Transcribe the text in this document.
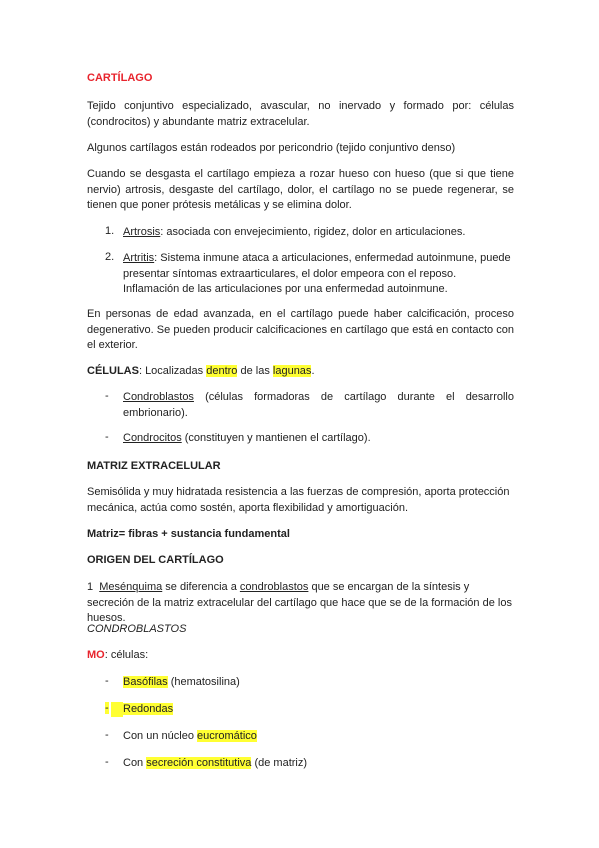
CARTÍLAGO

Tejido conjuntivo especializado, avascular, no inervado y formado por: células (condrocitos) y abundante matriz extracelular.

Algunos cartílagos están rodeados por pericondrio (tejido conjuntivo denso)

Cuando se desgasta el cartílago empieza a rozar hueso con hueso (que si que tiene nervio) artrosis, desgaste del cartílago, dolor, el cartílago no se puede regenerar, se tienen que poner prótesis metálicas y se elimina dolor.

1. Artrosis: asociada con envejecimiento, rigidez, dolor en articulaciones.
2. Artritis: Sistema inmune ataca a articulaciones, enfermedad autoinmune, puede presentar síntomas extraarticulares, el dolor empeora con el reposo. Inflamación de las articulaciones por una enfermedad autoinmune.

En personas de edad avanzada, en el cartílago puede haber calcificación, proceso degenerativo. Se pueden producir calcificaciones en cartílago que está en contacto con el exterior.

CÉLULAS: Localizadas dentro de las lagunas.

- Condroblastos (células formadoras de cartílago durante el desarrollo embrionario).
- Condrocitos (constituyen y mantienen el cartílago).

MATRIZ EXTRACELULAR

Semisólida y muy hidratada resistencia a las fuerzas de compresión, aporta protección mecánica, actúa como sostén, aporta flexibilidad y amortiguación.

Matriz= fibras + sustancia fundamental

ORIGEN DEL CARTÍLAGO

1 Mesénquima se diferencia a condroblastos que se encargan de la síntesis y secreción de la matriz extracelular del cartílago que hace que se de la formación de los huesos.

CONDROBLASTOS

MO: células:

- Basófilas (hematosilina)
- Redondas
- Con un núcleo eucromático
- Con secreción constitutiva (de matriz)
